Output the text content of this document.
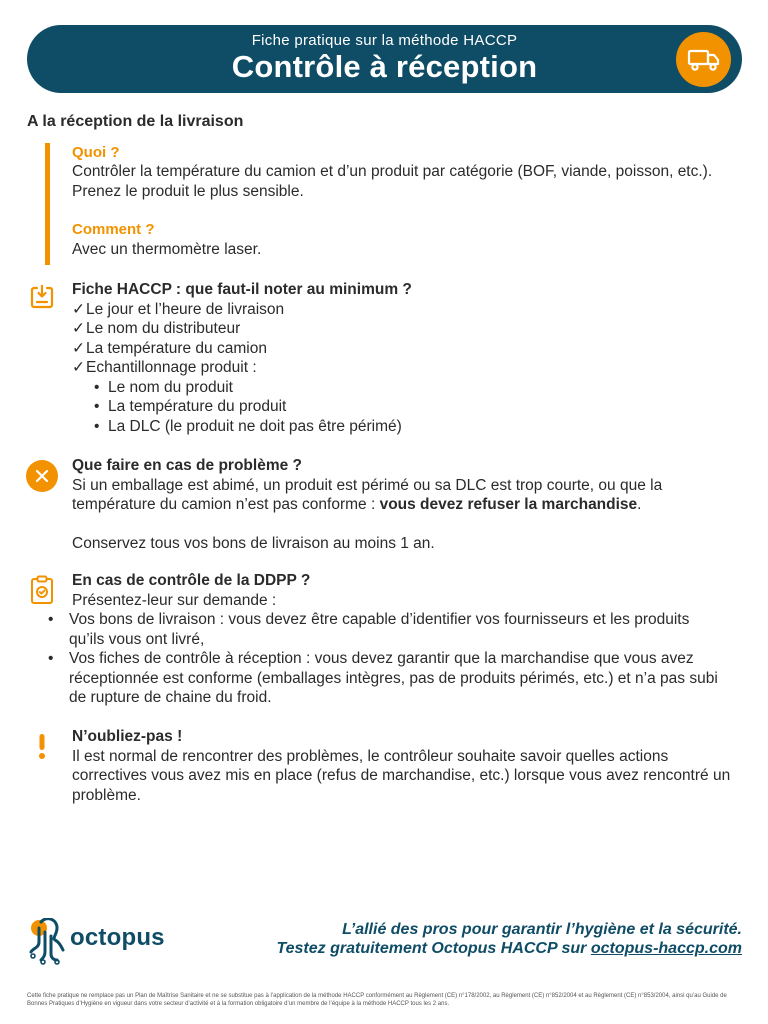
Fiche pratique sur la méthode HACCP
Contrôle à réception
A la réception de la livraison
Quoi ?
Contrôler la température du camion et d’un produit par catégorie (BOF, viande, poisson, etc.). Prenez le produit le plus sensible.
Comment ?
Avec un thermomètre laser.
Fiche HACCP : que faut-il noter au minimum ?
✓Le jour et l’heure de livraison
✓Le nom du distributeur
✓La température du camion
✓Echantillonnage produit :
• Le nom du produit
• La température du produit
• La DLC (le produit ne doit pas être périmé)
Que faire en cas de problème ?

Si un emballage est abimé, un produit est périmé ou sa DLC est trop courte, ou que la température du camion n’est pas conforme : vous devez refuser la marchandise.

Conservez tous vos bons de livraison au moins 1 an.

En cas de contrôle de la DDPP ?

Présentez-leur sur demande :

• Vos bons de livraison : vous devez être capable d’identifier vos fournisseurs et les produits qu’ils vous ont livré,
• Vos fiches de contrôle à réception : vous devez garantir que la marchandise que vous avez réceptionnée est conforme (emballages intègres, pas de produits périmés, etc.) et n’a pas subi de rupture de chaine du froid.
N’oubliez-pas !

Il est normal de rencontrer des problèmes, le contrôleur souhaite savoir quelles actions correctives vous avez mis en place (refus de marchandise, etc.) lorsque vous avez rencontré un problème.

octopus	L’allié des pros pour garantir l’hygiène et la sécurité.
Testez gratuitement Octopus HACCP sur octopus-haccp.com
Cette fiche pratique ne remplace pas un Plan de Maîtrise Sanitaire et ne se substitue pas à l’application de la méthode HACCP conformément au Règlement (CE) n°178/2002, au Règlement (CE) n°852/2004 et au Règlement (CE) n°853/2004, ainsi qu’au Guide de Bonnes Pratiques d’Hygiène en vigueur dans votre secteur d’activité et à la formation obligatoire d’un membre de l’équipe à la méthode HACCP tous les 2 ans.
